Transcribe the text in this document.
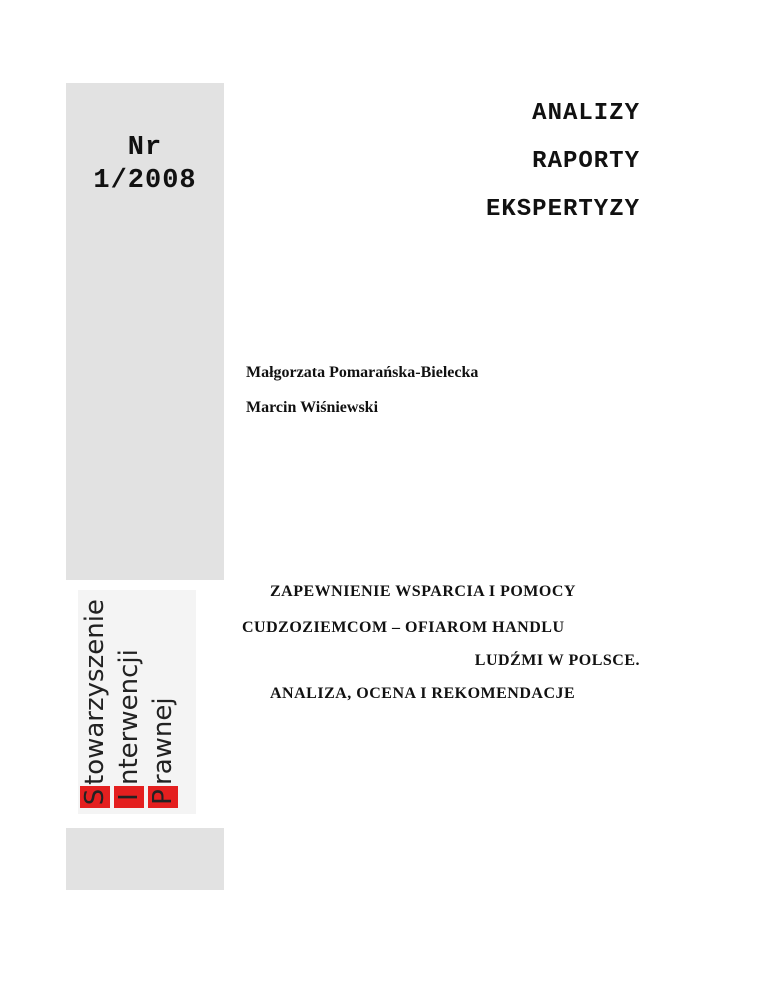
Nr
1/2008
ANALIZY
RAPORTY
EKSPERTYZY
Małgorzata Pomarańska-Bielecka
Marcin Wiśniewski
ZAPEWNIENIE WSPARCIA I POMOCY
CUDZOZIEMCOM – OFIAROM HANDLU
LUDŹMI W POLSCE.
ANALIZA, OCENA I REKOMENDACJE
S
towarzyszenie
I
nterwencji
P
rawnej
